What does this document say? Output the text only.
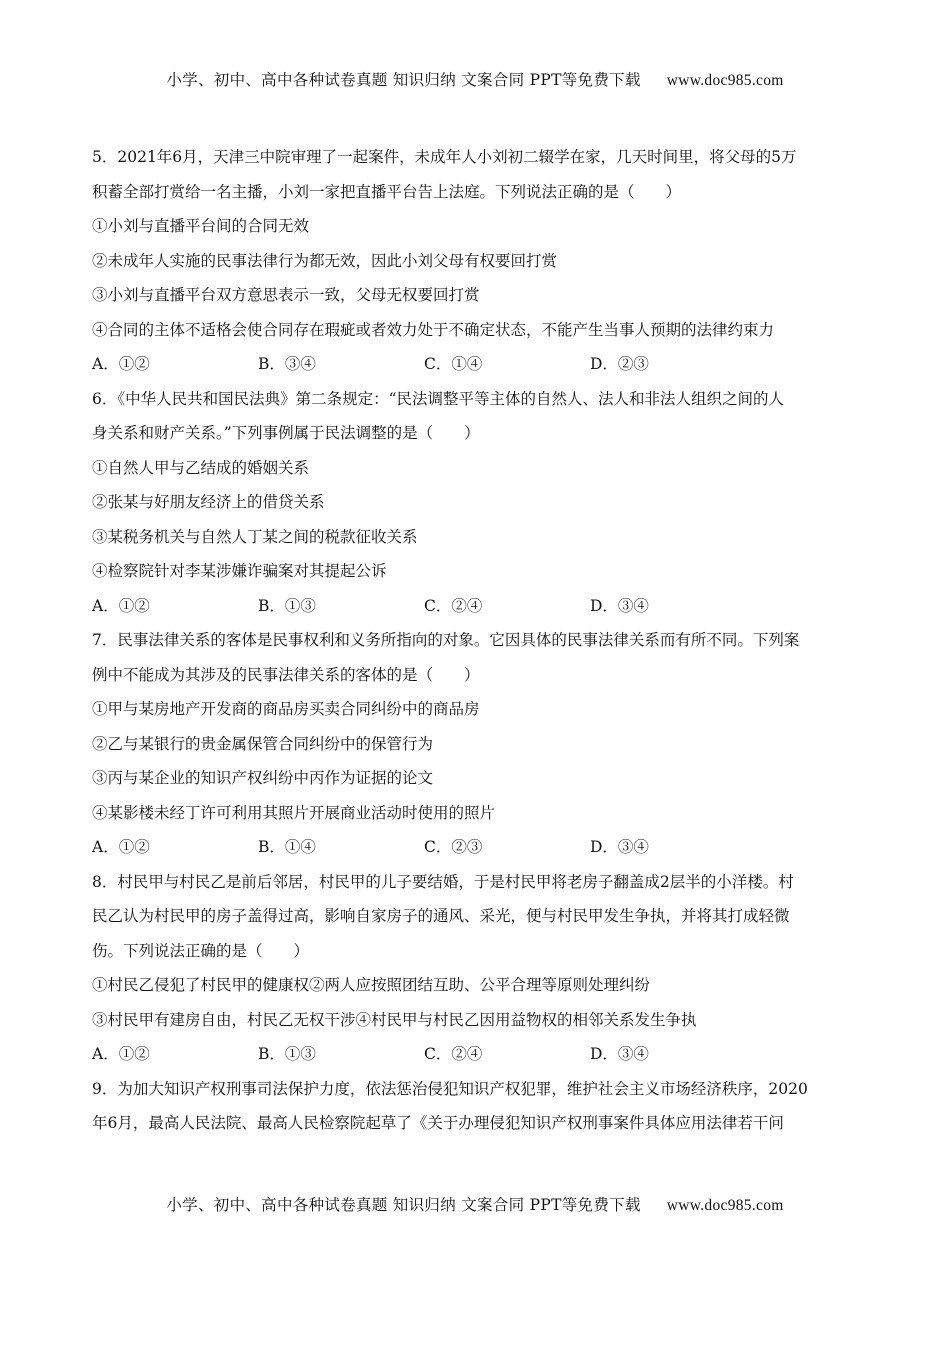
小学、初中、高中各种试卷真题 知识归纳 文案合同 PPT等免费下载 www.doc985.com
5．2021年6月，天津三中院审理了一起案件，未成年人小刘初二辍学在家，几天时间里，将父母的5万
积蓄全部打赏给一名主播，小刘一家把直播平台告上法庭。下列说法正确的是（　　）
①小刘与直播平台间的合同无效
②未成年人实施的民事法律行为都无效，因此小刘父母有权要回打赏
③小刘与直播平台双方意思表示一致，父母无权要回打赏
④合同的主体不适格会使合同存在瑕疵或者效力处于不确定状态，不能产生当事人预期的法律约束力
A．①②	B．③④	C．①④	D．②③
6．《中华人民共和国民法典》第二条规定：“民法调整平等主体的自然人、法人和非法人组织之间的人
身关系和财产关系。”下列事例属于民法调整的是（　　）
①自然人甲与乙结成的婚姻关系
②张某与好朋友经济上的借贷关系
③某税务机关与自然人丁某之间的税款征收关系
④检察院针对李某涉嫌诈骗案对其提起公诉
A．①②	B．①③	C．②④	D．③④
7．民事法律关系的客体是民事权利和义务所指向的对象。它因具体的民事法律关系而有所不同。下列案
例中不能成为其涉及的民事法律关系的客体的是（　　）
①甲与某房地产开发商的商品房买卖合同纠纷中的商品房
②乙与某银行的贵金属保管合同纠纷中的保管行为
③丙与某企业的知识产权纠纷中丙作为证据的论文
④某影楼未经丁许可利用其照片开展商业活动时使用的照片
A．①②	B．①④	C．②③	D．③④
8．村民甲与村民乙是前后邻居，村民甲的儿子要结婚，于是村民甲将老房子翻盖成2层半的小洋楼。村
民乙认为村民甲的房子盖得过高，影响自家房子的通风、采光，便与村民甲发生争执，并将其打成轻微
伤。下列说法正确的是（　　）
①村民乙侵犯了村民甲的健康权②两人应按照团结互助、公平合理等原则处理纠纷
③村民甲有建房自由，村民乙无权干涉④村民甲与村民乙因用益物权的相邻关系发生争执
A．①②	B．①③	C．②④	D．③④
9．为加大知识产权刑事司法保护力度，依法惩治侵犯知识产权犯罪，维护社会主义市场经济秩序，2020
年6月，最高人民法院、最高人民检察院起草了《关于办理侵犯知识产权刑事案件具体应用法律若干问
小学、初中、高中各种试卷真题 知识归纳 文案合同 PPT等免费下载 www.doc985.com
